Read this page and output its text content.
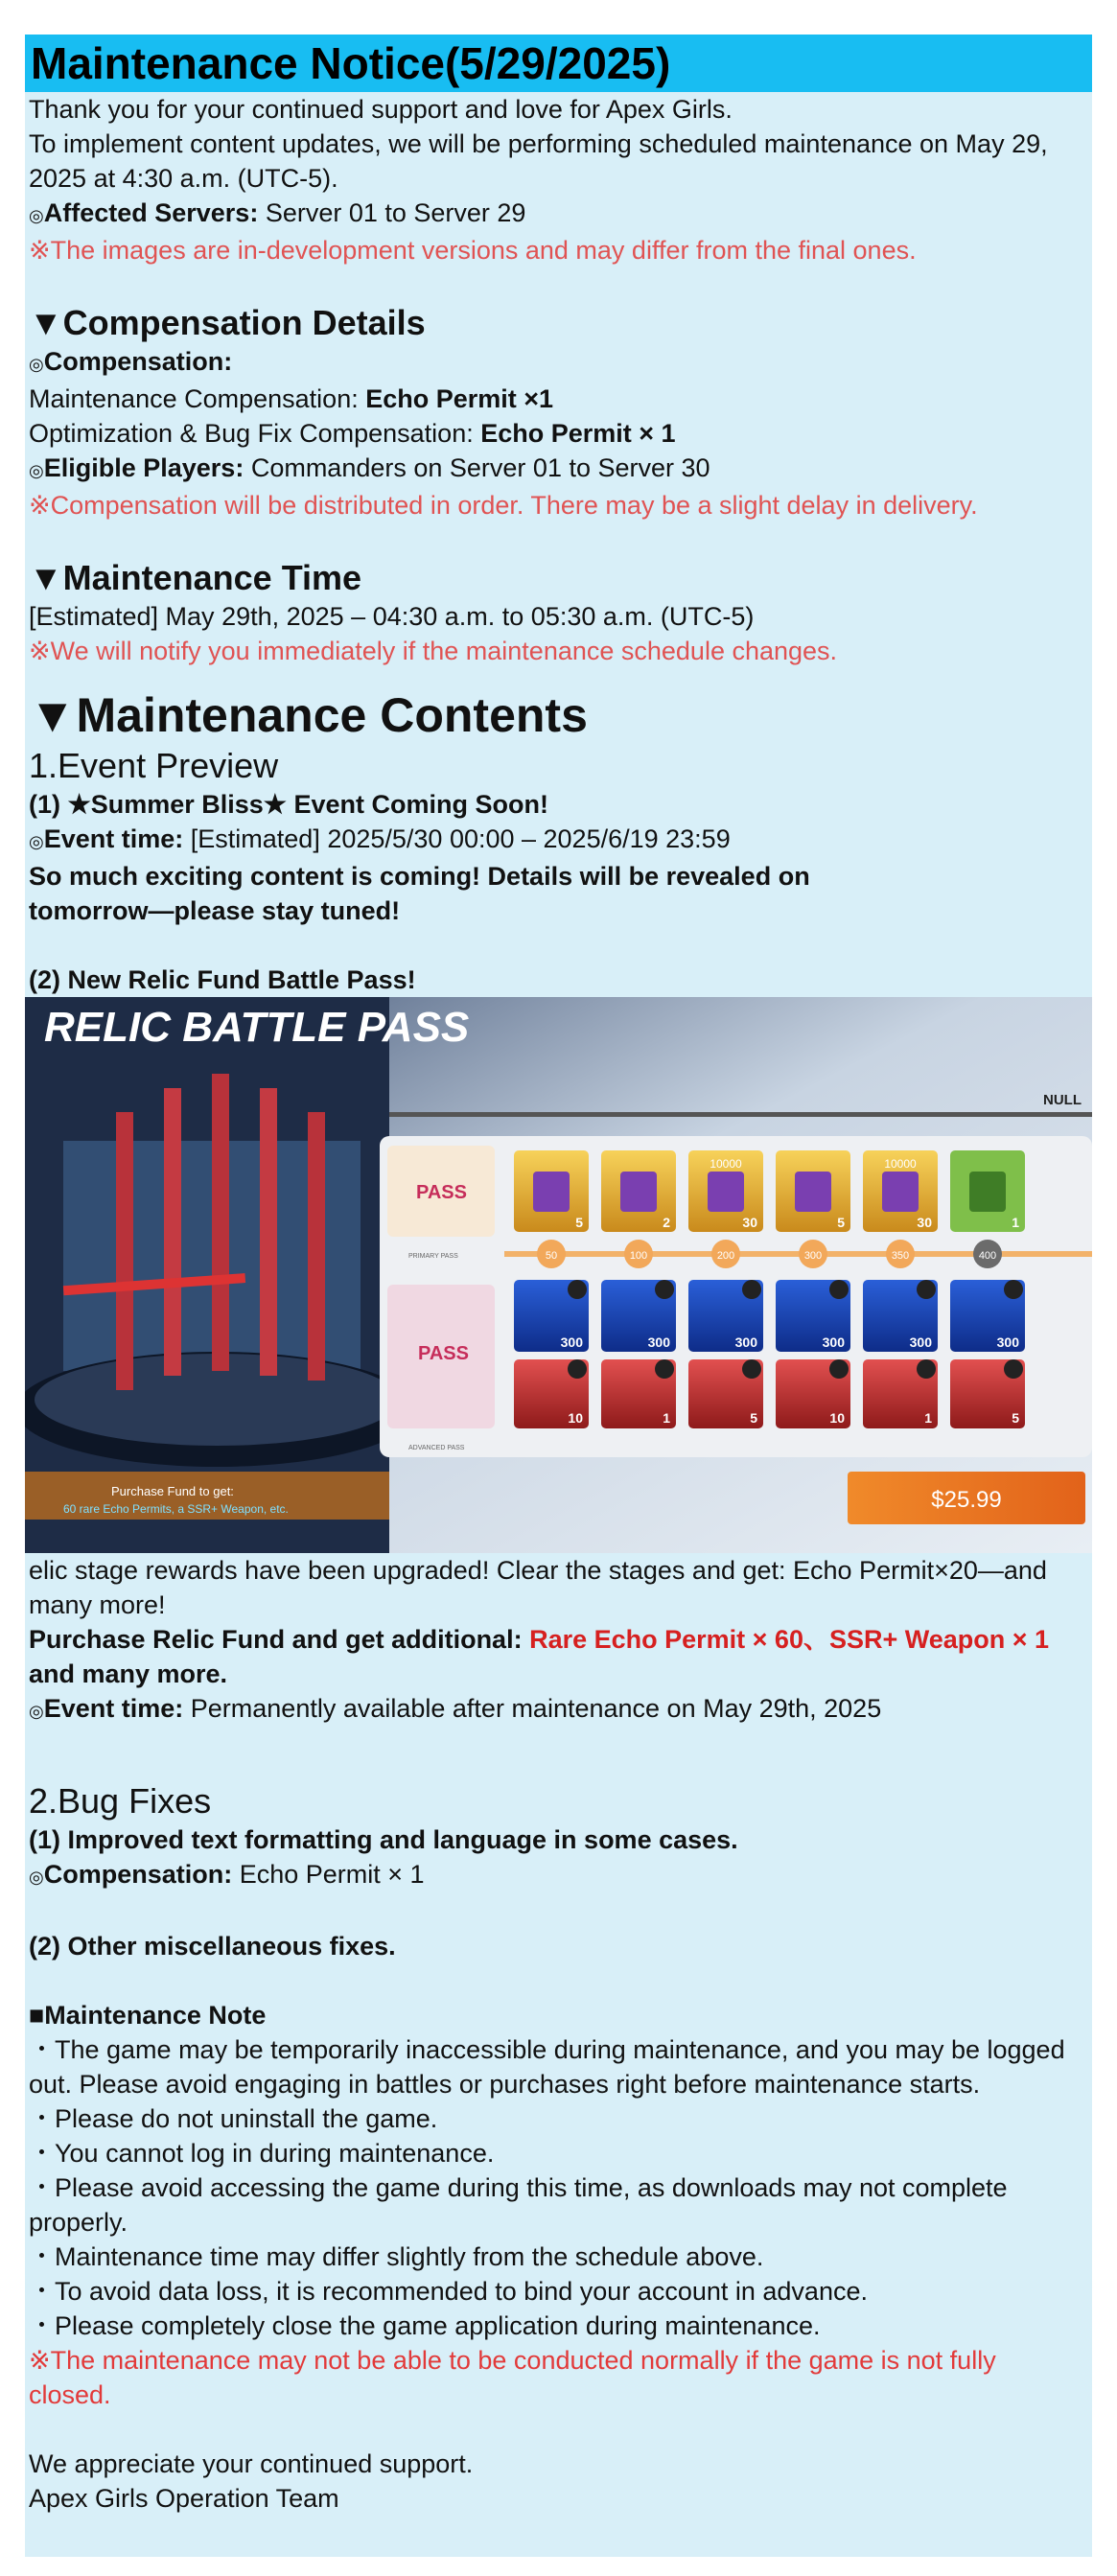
Maintenance Notice(5/29/2025)

Thank you for your continued support and love for Apex Girls.

To implement content updates, we will be performing scheduled maintenance on May 29, 2025 at 4:30 a.m. (UTC-5).

◎Affected Servers: Server 01 to Server 29

※The images are in-development versions and may differ from the final ones.

▼Compensation Details

◎Compensation:

Maintenance Compensation: Echo Permit ×1

Optimization & Bug Fix Compensation: Echo Permit × 1

◎Eligible Players: Commanders on Server 01 to Server 30

※Compensation will be distributed in order. There may be a slight delay in delivery.

▼Maintenance Time

[Estimated] May 29th, 2025 – 04:30 a.m. to 05:30 a.m. (UTC-5)

※We will notify you immediately if the maintenance schedule changes.

▼Maintenance Contents

1.Event Preview

(1) ★Summer Bliss★ Event Coming Soon!

◎Event time: [Estimated] 2025/5/30 00:00 – 2025/6/19 23:59

So much exciting content is coming! Details will be revealed on tomorrow—please stay tuned!

(2) New Relic Fund Battle Pass!

RELIC BATTLE PASS
Purchase Fund to get:
60 rare Echo Permits, a SSR+ Weapon, etc.
NULL
PASS
PRIMARY PASS
PASS
ADVANCED PASS
5
50
300
10
2
100
300
1
30
200
300
5
5
300
300
10
30
350
300
1
1
400
300
5
10000	10000
$25.99

elic stage rewards have been upgraded! Clear the stages and get: Echo Permit×20—and many more!

Purchase Relic Fund and get additional: Rare Echo Permit × 60、SSR+ Weapon × 1 and many more.

◎Event time: Permanently available after maintenance on May 29th, 2025

2.Bug Fixes

(1) Improved text formatting and language in some cases.

◎Compensation: Echo Permit × 1

(2) Other miscellaneous fixes.

■Maintenance Note

・The game may be temporarily inaccessible during maintenance, and you may be logged out. Please avoid engaging in battles or purchases right before maintenance starts.

・Please do not uninstall the game.

・You cannot log in during maintenance.

・Please avoid accessing the game during this time, as downloads may not complete properly.

・Maintenance time may differ slightly from the schedule above.

・To avoid data loss, it is recommended to bind your account in advance.

・Please completely close the game application during maintenance.

※The maintenance may not be able to be conducted normally if the game is not fully closed.

We appreciate your continued support.

Apex Girls Operation Team
